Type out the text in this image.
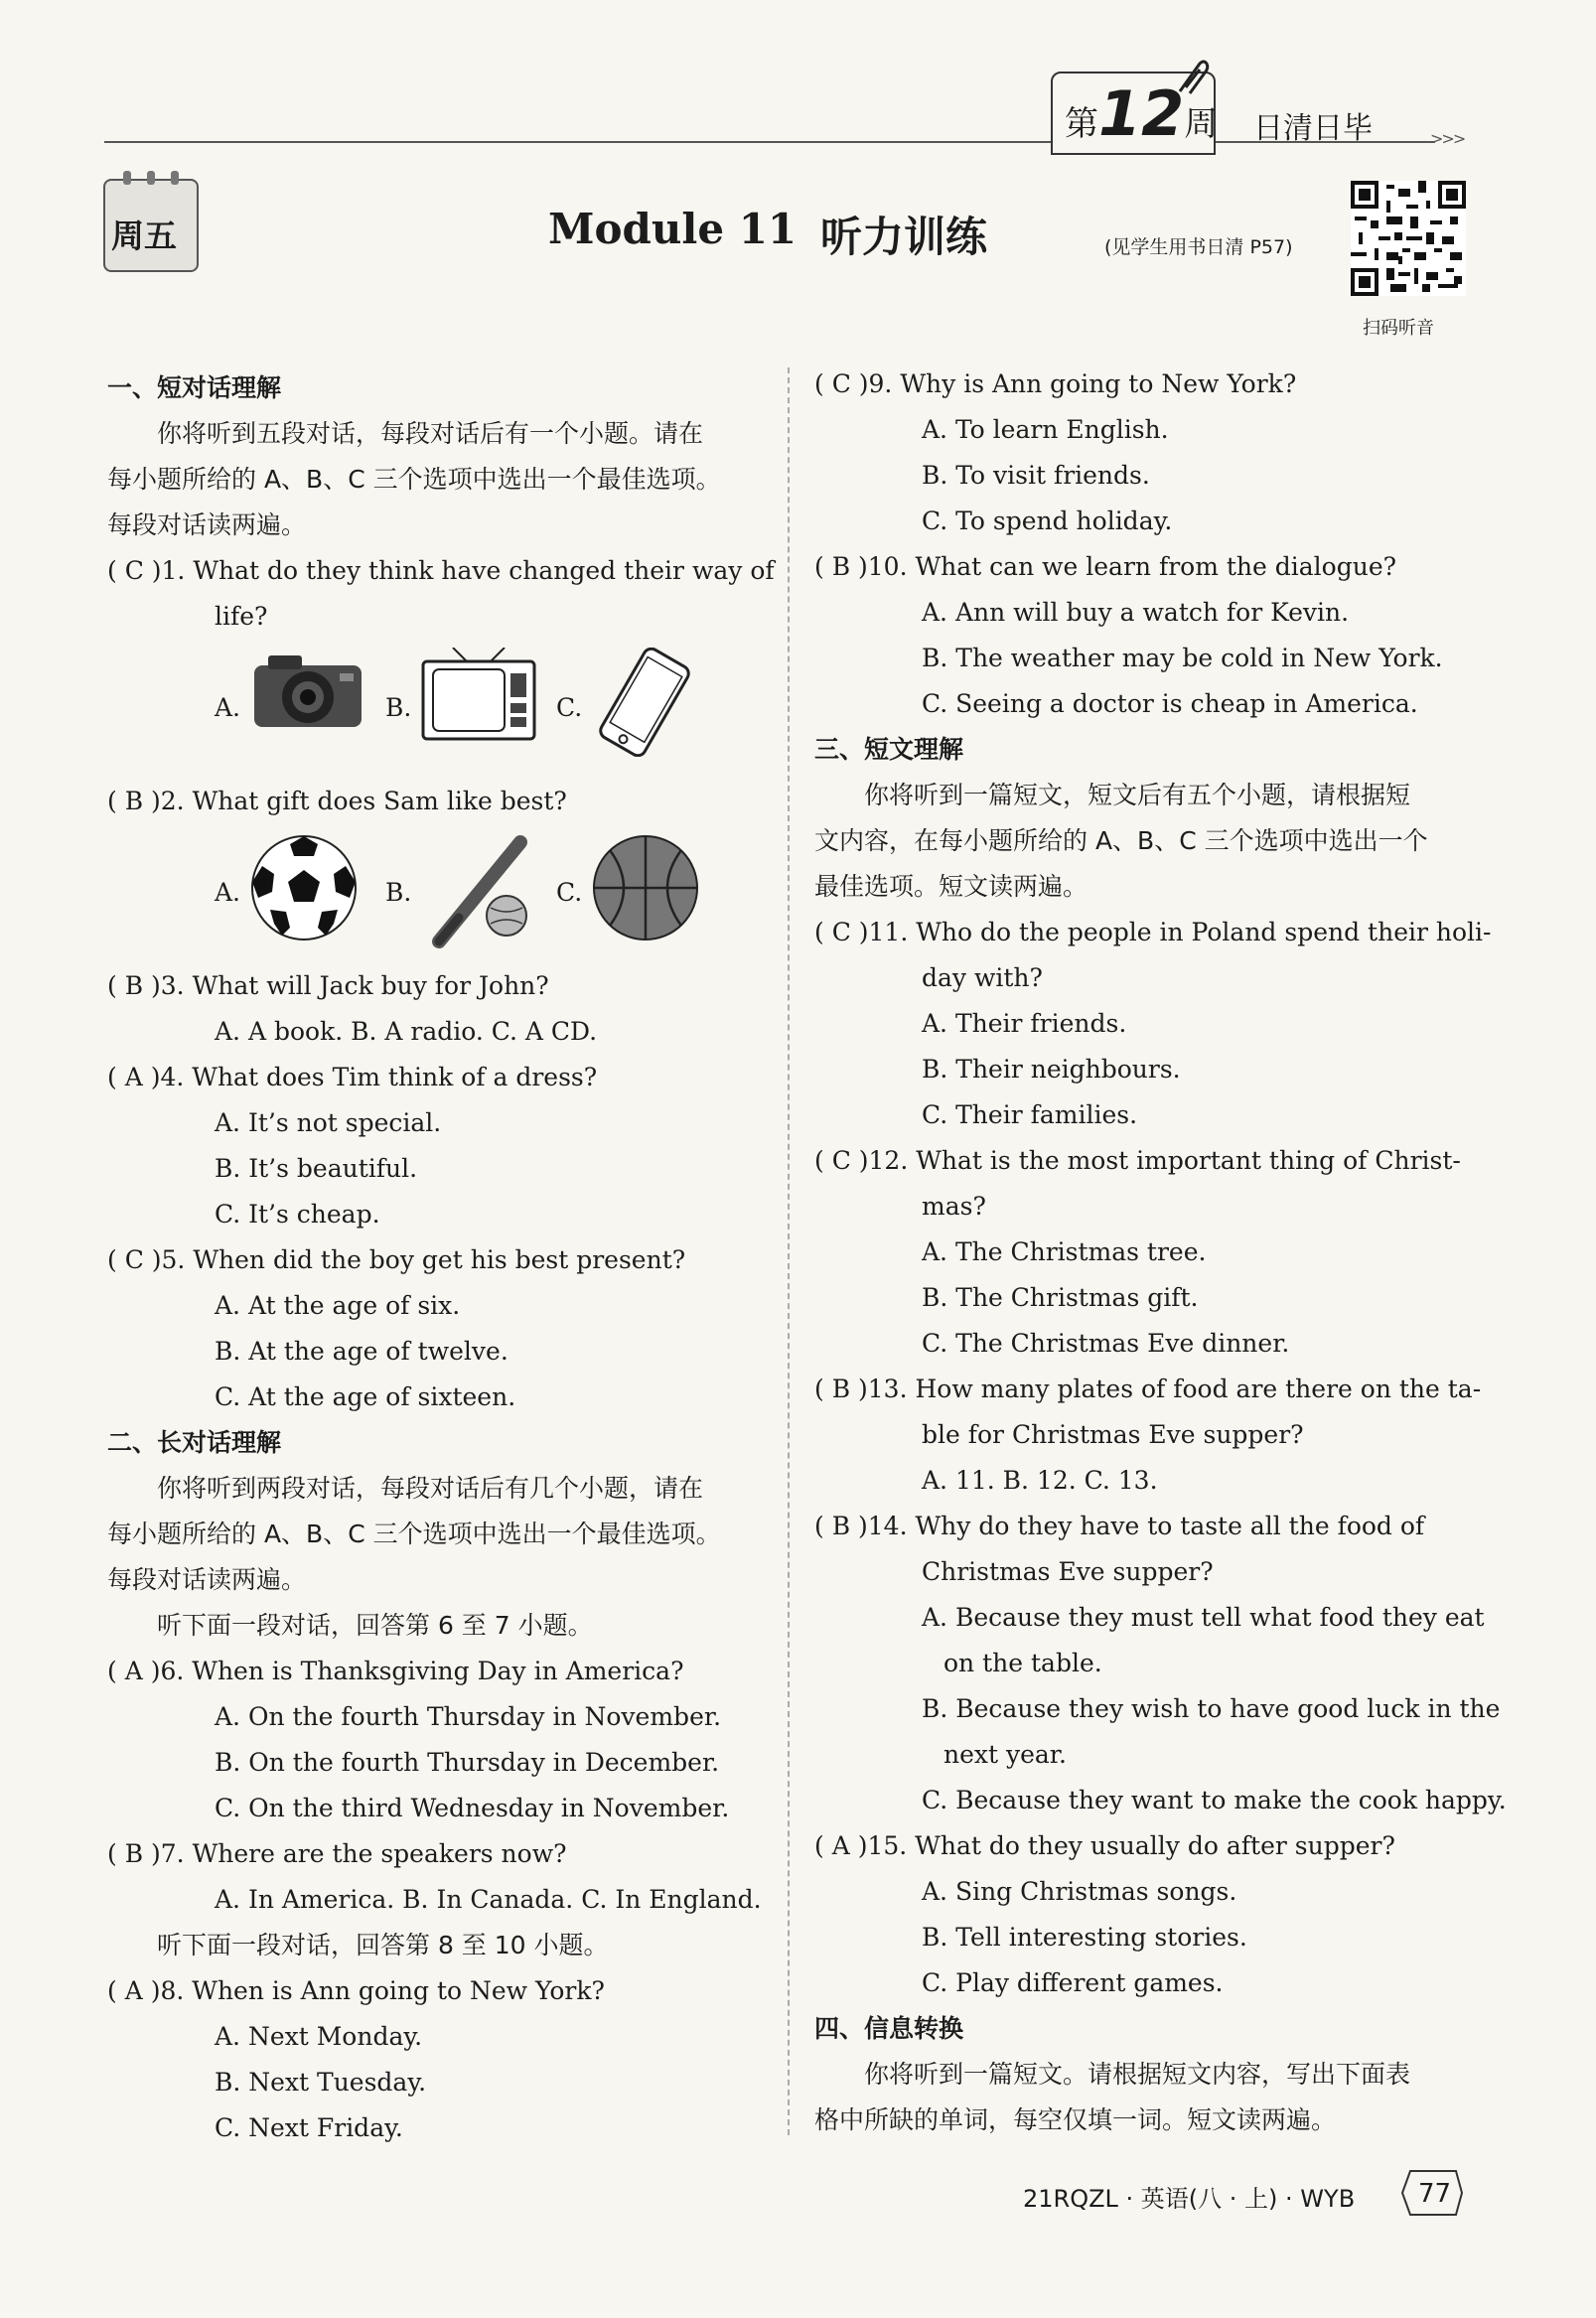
第12周 日清日毕	>>>
周五	Module 11 听力训练	(见学生用书日清 P57)
扫码听音
一、短对话理解
　　你将听到五段对话，每段对话后有一个小题。请在
每小题所给的 A、B、C 三个选项中选出一个最佳选项。
每段对话读两遍。
( C )1. What do they think have changed their way of
life?
A.	B.	C.
( B )2. What gift does Sam like best?
A.	B.	C.
( B )3. What will Jack buy for John?
A. A book. B. A radio. C. A CD.
( A )4. What does Tim think of a dress?
A. It’s not special.
B. It’s beautiful.
C. It’s cheap.
( C )5. When did the boy get his best present?
A. At the age of six.
B. At the age of twelve.
C. At the age of sixteen.
二、长对话理解
　　你将听到两段对话，每段对话后有几个小题，请在
每小题所给的 A、B、C 三个选项中选出一个最佳选项。
每段对话读两遍。
　　听下面一段对话，回答第 6 至 7 小题。
( A )6. When is Thanksgiving Day in America?
A. On the fourth Thursday in November.
B. On the fourth Thursday in December.
C. On the third Wednesday in November.
( B )7. Where are the speakers now?
A. In America. B. In Canada. C. In England.
　　听下面一段对话，回答第 8 至 10 小题。
( A )8. When is Ann going to New York?
A. Next Monday.
B. Next Tuesday.
C. Next Friday.
( C )9. Why is Ann going to New York?
A. To learn English.
B. To visit friends.
C. To spend holiday.
( B )10. What can we learn from the dialogue?
A. Ann will buy a watch for Kevin.
B. The weather may be cold in New York.
C. Seeing a doctor is cheap in America.
三、短文理解
　　你将听到一篇短文，短文后有五个小题，请根据短
文内容，在每小题所给的 A、B、C 三个选项中选出一个
最佳选项。短文读两遍。
( C )11. Who do the people in Poland spend their holi-
day with?
A. Their friends.
B. Their neighbours.
C. Their families.
( C )12. What is the most important thing of Christ-
mas?
A. The Christmas tree.
B. The Christmas gift.
C. The Christmas Eve dinner.
( B )13. How many plates of food are there on the ta-
ble for Christmas Eve supper?
A. 11. B. 12. C. 13.
( B )14. Why do they have to taste all the food of
Christmas Eve supper?
A. Because they must tell what food they eat
on the table.
B. Because they wish to have good luck in the
next year.
C. Because they want to make the cook happy.
( A )15. What do they usually do after supper?
A. Sing Christmas songs.
B. Tell interesting stories.
C. Play different games.
四、信息转换
　　你将听到一篇短文。请根据短文内容，写出下面表
格中所缺的单词，每空仅填一词。短文读两遍。
21RQZL · 英语(八 · 上) · WYB 77
